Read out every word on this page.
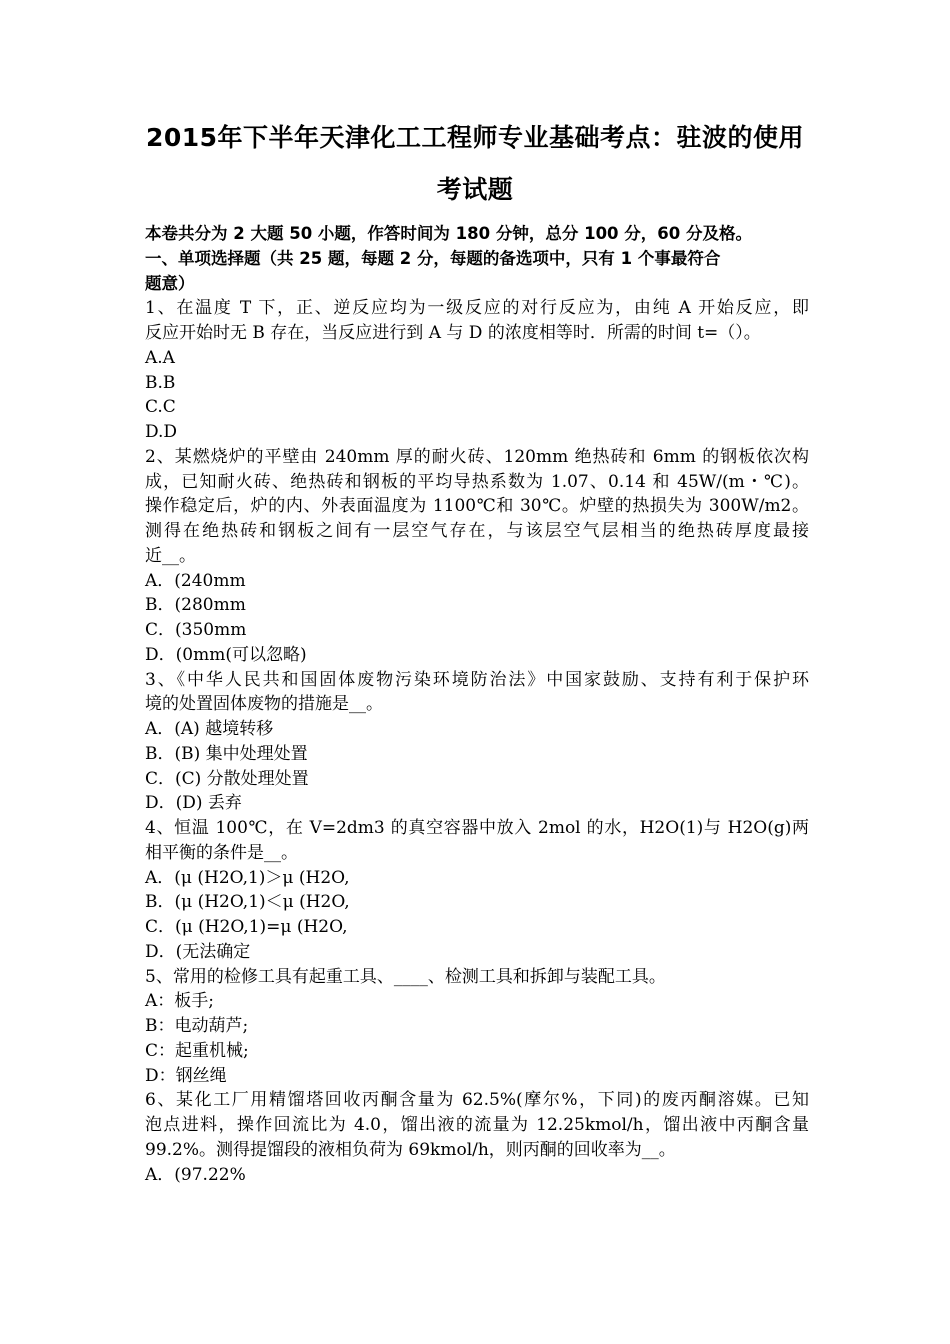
2015年下半年天津化工工程师专业基础考点：驻波的使用
考试题
本卷共分为 2 大题 50 小题，作答时间为 180 分钟，总分 100 分，60 分及格。
一、单项选择题（共 25 题，每题 2 分，每题的备选项中，只有 1 个事最符合
题意）
1、在温度 T 下，正、逆反应均为一级反应的对行反应为，由纯 A 开始反应，即
反应开始时无 B 存在，当反应进行到 A 与 D 的浓度相等时．所需的时间 t=（）。
A.A
B.B
C.C
D.D
2、某燃烧炉的平壁由 240mm 厚的耐火砖、120mm 绝热砖和 6mm 的钢板依次构
成，已知耐火砖、绝热砖和钢板的平均导热系数为 1.07、0.14 和 45W/(m・℃)。
操作稳定后，炉的内、外表面温度为 1100℃和 30℃。炉壁的热损失为 300W/m2。
测得在绝热砖和钢板之间有一层空气存在，与该层空气层相当的绝热砖厚度最接
近__。
A．(240mm
B．(280mm
C．(350mm
D．(0mm(可以忽略)
3、《中华人民共和国固体废物污染环境防治法》中国家鼓励、支持有利于保护环
境的处置固体废物的措施是__。
A．(A) 越境转移
B．(B) 集中处理处置
C．(C) 分散处理处置
D．(D) 丢弃
4、恒温 100℃，在 V=2dm3 的真空容器中放入 2mol 的水，H2O(1)与 H2O(g)两
相平衡的条件是__。
A．(μ (H2O,1)＞μ (H2O,
B．(μ (H2O,1)＜μ (H2O,
C．(μ (H2O,1)=μ (H2O,
D．(无法确定
5、常用的检修工具有起重工具、____、检测工具和拆卸与装配工具。
A：板手;
B：电动葫芦;
C：起重机械;
D：钢丝绳
6、某化工厂用精馏塔回收丙酮含量为 62.5%(摩尔%，下同)的废丙酮溶媒。已知
泡点进料，操作回流比为 4.0，馏出液的流量为 12.25kmol/h，馏出液中丙酮含量
99.2%。测得提馏段的液相负荷为 69kmol/h，则丙酮的回收率为__。
A．(97.22%
